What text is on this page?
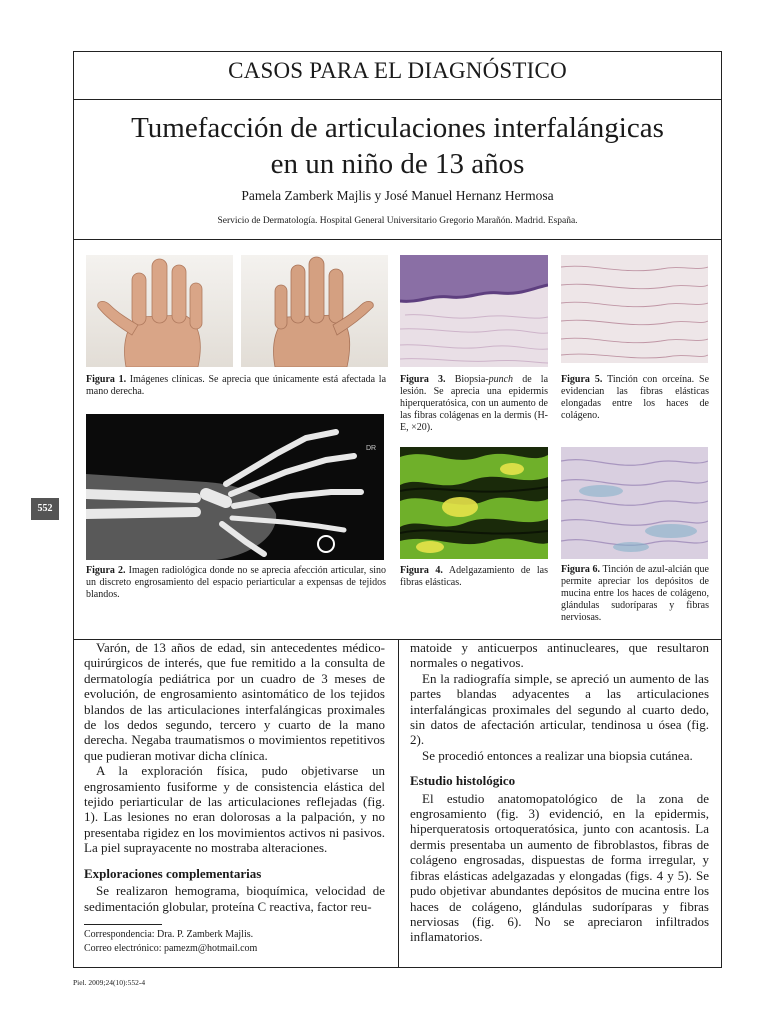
CASOS PARA EL DIAGNÓSTICO
Tumefacción de articulaciones interfalángicas
en un niño de 13 años
Pamela Zamberk Majlis y José Manuel Hernanz Hermosa
Servicio de Dermatología. Hospital General Universitario Gregorio Marañón. Madrid. España.
552
Figura 1. Imágenes clínicas. Se aprecia que únicamente está afectada la mano derecha.
DR
Figura 2. Imagen radiológica donde no se aprecia afección articular, sino un discreto engrosamiento del espacio periarticular a expensas de tejidos blandos.
Figura 3. Biopsia-punch de la lesión. Se aprecia una epidermis hiperqueratósica, con un aumento de las fibras colágenas en la dermis (H-E, ×20).
Figura 4. Adelgazamiento de las fibras elásticas.
Figura 5. Tinción con orceína. Se evidencian las fibras elásticas elongadas entre los haces de colágeno.
Figura 6. Tinción de azul-alcián que permite apreciar los depósitos de mucina entre los haces de colágeno, glándulas sudoríparas y fibras nerviosas.

Varón, de 13 años de edad, sin antecedentes médico-quirúrgicos de interés, que fue remitido a la consulta de dermatología pediátrica por un cuadro de 3 meses de evolución, de engrosamiento asintomático de los tejidos blandos de las articulaciones interfalángicas proximales de los dedos segundo, tercero y cuarto de la mano derecha. Negaba traumatismos o movimientos repetitivos que pudieran motivar dicha clínica.

A la exploración física, pudo objetivarse un engrosamiento fusiforme y de consistencia elástica del tejido periarticular de las articulaciones reflejadas (fig. 1). Las lesiones no eran dolorosas a la palpación, y no presentaba rigidez en los movimientos activos ni pasivos. La piel suprayacente no mostraba alteraciones.

Exploraciones complementarias

Se realizaron hemograma, bioquímica, velocidad de sedimentación globular, proteína C reactiva, factor reu-

matoide y anticuerpos antinucleares, que resultaron normales o negativos.

En la radiografía simple, se apreció un aumento de las partes blandas adyacentes a las articulaciones interfalángicas proximales del segundo al cuarto dedo, sin datos de afectación articular, tendinosa u ósea (fig. 2).

Se procedió entonces a realizar una biopsia cutánea.

Estudio histológico

El estudio anatomopatológico de la zona de engrosamiento (fig. 3) evidenció, en la epidermis, hiperqueratosis ortoqueratósica, junto con acantosis. La dermis presentaba un aumento de fibroblastos, fibras de colágeno engrosadas, dispuestas de forma irregular, y fibras elásticas adelgazadas y elongadas (figs. 4 y 5). Se pudo objetivar abundantes depósitos de mucina entre los haces de colágeno, glándulas sudoríparas y fibras nerviosas (fig. 6). No se apreciaron infiltrados inflamatorios.

Correspondencia: Dra. P. Zamberk Majlis.
Correo electrónico: pamezm@hotmail.com
Piel. 2009;24(10):552-4
